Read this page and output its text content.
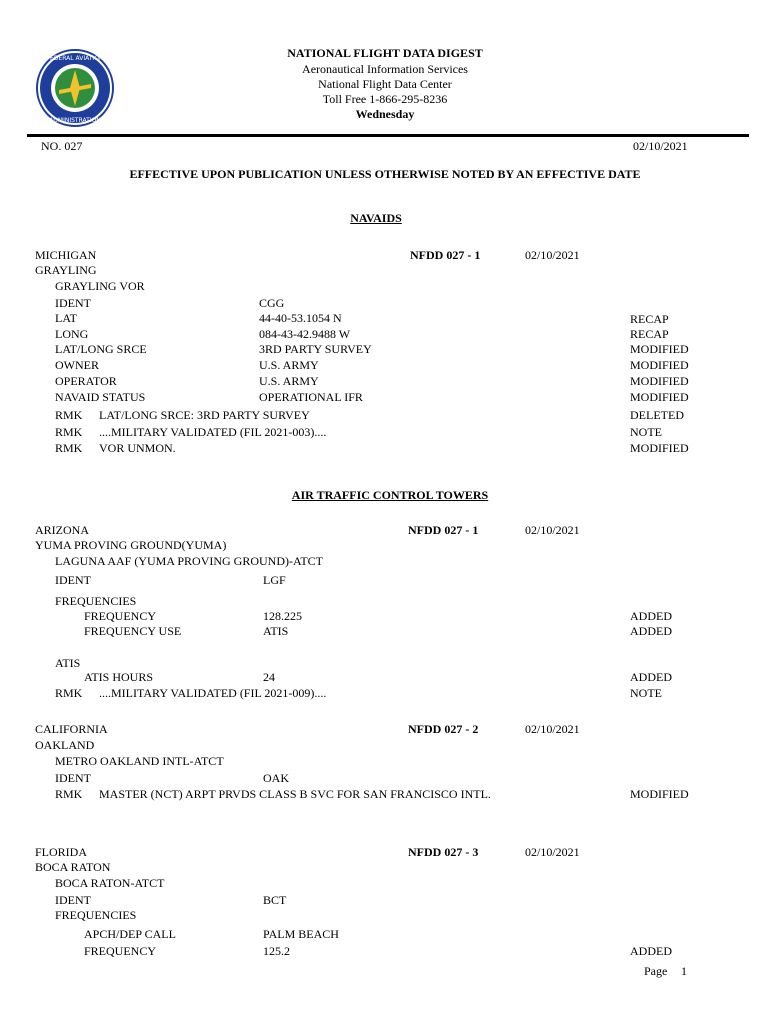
FEDERAL AVIATION
ADMINISTRATION
NATIONAL FLIGHT DATA DIGEST
Aeronautical Information Services
National Flight Data Center
Toll Free 1-866-295-8236
Wednesday
NO. 027	02/10/2021
EFFECTIVE UPON PUBLICATION UNLESS OTHERWISE NOTED BY AN EFFECTIVE DATE
NAVAIDS
MICHIGAN	NFDD 027 - 1	02/10/2021
GRAYLING
GRAYLING VOR
IDENT	CGG
LAT	44-40-53.1054 N	RECAP
LONG	084-43-42.9488 W	RECAP
LAT/LONG SRCE	3RD PARTY SURVEY	MODIFIED
OWNER	U.S. ARMY	MODIFIED
OPERATOR	U.S. ARMY	MODIFIED
NAVAID STATUS	OPERATIONAL IFR	MODIFIED
RMK LAT/LONG SRCE: 3RD PARTY SURVEY	DELETED
RMK ....MILITARY VALIDATED (FIL 2021-003)....	NOTE
RMK VOR UNMON.	MODIFIED
AIR TRAFFIC CONTROL TOWERS
ARIZONA	NFDD 027 - 1	02/10/2021
YUMA PROVING GROUND(YUMA)
LAGUNA AAF (YUMA PROVING GROUND)-ATCT
IDENT	LGF
FREQUENCIES
FREQUENCY	128.225	ADDED
FREQUENCY USE	ATIS	ADDED
ATIS
ATIS HOURS	24	ADDED
RMK ....MILITARY VALIDATED (FIL 2021-009)....	NOTE
CALIFORNIA	NFDD 027 - 2	02/10/2021
OAKLAND
METRO OAKLAND INTL-ATCT
IDENT	OAK
RMK MASTER (NCT) ARPT PRVDS CLASS B SVC FOR SAN FRANCISCO INTL.	MODIFIED
FLORIDA	NFDD 027 - 3	02/10/2021
BOCA RATON
BOCA RATON-ATCT
IDENT	BCT
FREQUENCIES
APCH/DEP CALL	PALM BEACH
FREQUENCY	125.2	ADDED
Page 1
